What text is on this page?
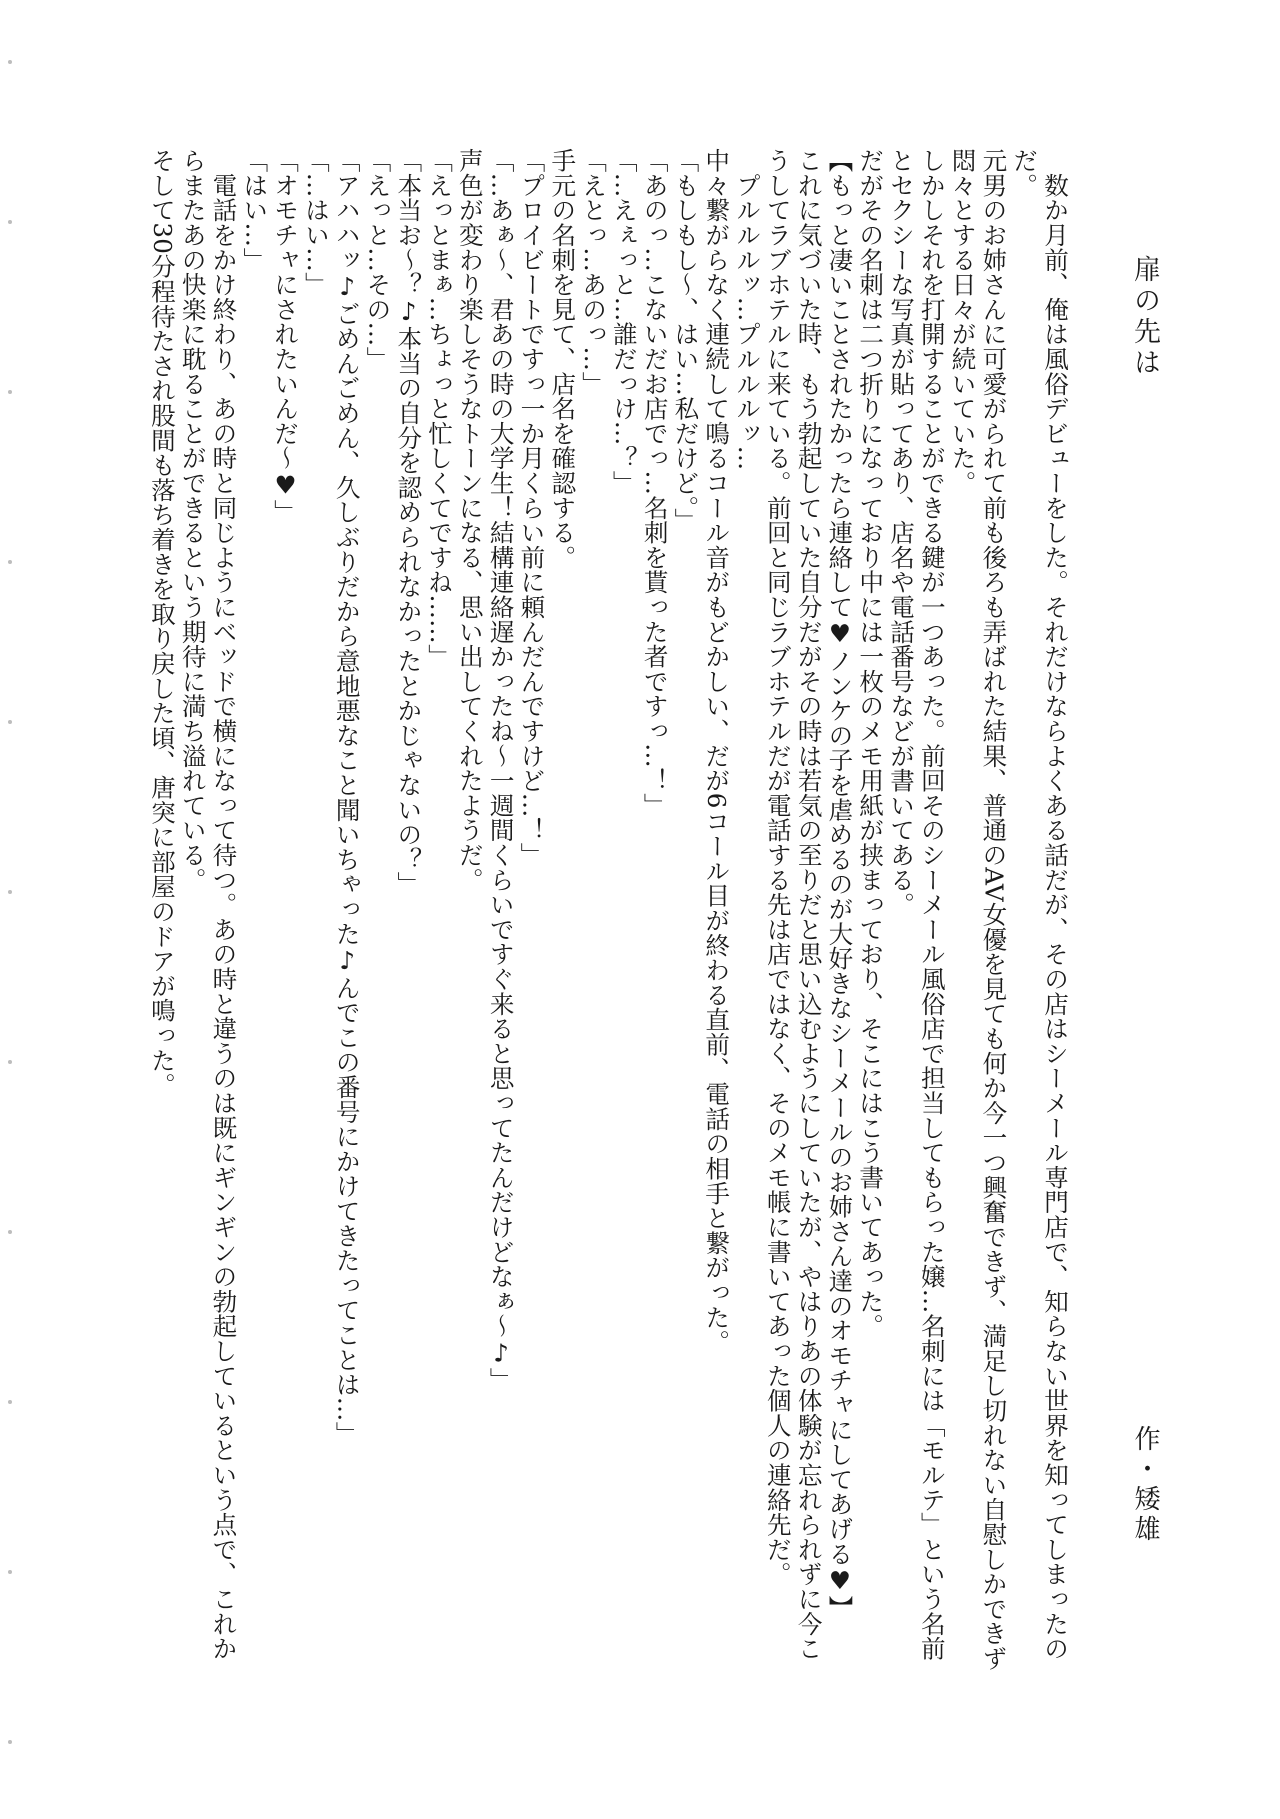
扉の先は
作・矮雄

　数か月前、俺は風俗デビューをした。それだけならよくある話だが、その店はシーメール専門店で、知らない世界を知ってしまったのだ。

元男のお姉さんに可愛がられて前も後ろも弄ばれた結果、普通のAV女優を見ても何か今一つ興奮できず、満足し切れない自慰しかできず悶々とする日々が続いていた。

しかしそれを打開することができる鍵が一つあった。前回そのシーメール風俗店で担当してもらった嬢…名刺には「モルテ」という名前とセクシーな写真が貼ってあり、店名や電話番号などが書いてある。

だがその名刺は二つ折りになっており中には一枚のメモ用紙が挟まっており、そこにはこう書いてあった。

【もっと凄いことされたかったら連絡して♥ノンケの子を虐めるのが大好きなシーメールのお姉さん達のオモチャにしてあげる♥】

これに気づいた時、もう勃起していた自分だがその時は若気の至りだと思い込むようにしていたが、やはりあの体験が忘れられずに今こうしてラブホテルに来ている。前回と同じラブホテルだが電話する先は店ではなく、そのメモ帳に書いてあった個人の連絡先だ。

　プルルルッ…プルルルッ…

中々繋がらなく連続して鳴るコール音がもどかしい、だが6コール目が終わる直前、電話の相手と繋がった。

「もしもし～、はい…私だけど。」

「あのっ…こないだお店でっ…名刺を貰った者ですっ…！」

「…えぇっと…誰だっけ…？」

「えとっ…あのっ…」

手元の名刺を見て、店名を確認する。

「プロイビートですっ一か月くらい前に頼んだんですけど…！」

「…あぁ～、君あの時の大学生！結構連絡遅かったね～一週間くらいですぐ来ると思ってたんだけどなぁ～♪」

声色が変わり楽しそうなトーンになる、思い出してくれたようだ。

「えっとまぁ…ちょっと忙しくてですね……」

「本当お～？♪本当の自分を認められなかったとかじゃないの？」

「えっと…その…」

「アハハッ♪ごめんごめん、久しぶりだから意地悪なこと聞いちゃった♪んでこの番号にかけてきたってことは…」

「…はい…」

「オモチャにされたいんだ～♥」

「はい…」

　電話をかけ終わり、あの時と同じようにベッドで横になって待つ。あの時と違うのは既にギンギンの勃起しているという点で、これからまたあの快楽に耽ることができるという期待に満ち溢れている。

そして30分程待たされ股間も落ち着きを取り戻した頃、唐突に部屋のドアが鳴った。
